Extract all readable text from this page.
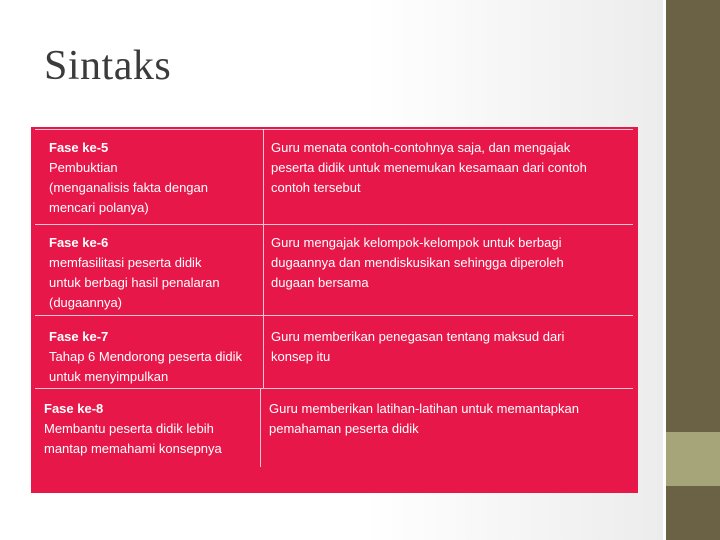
Sintaks
Fase ke-5
Pembuktian
(menganalisis fakta dengan
mencari polanya)
Guru menata contoh-contohnya saja, dan mengajak
peserta didik untuk menemukan kesamaan dari contoh
contoh tersebut
Fase ke-6
memfasilitasi peserta didik
untuk berbagi hasil penalaran
(dugaannya)
Guru mengajak kelompok-kelompok untuk berbagi
dugaannya dan mendiskusikan sehingga diperoleh
dugaan bersama
Fase ke-7
Tahap 6 Mendorong peserta didik
untuk menyimpulkan
Guru memberikan penegasan tentang maksud dari
konsep itu
Fase ke-8
Membantu peserta didik lebih
mantap memahami konsepnya
Guru memberikan latihan-latihan untuk memantapkan
pemahaman peserta didik
